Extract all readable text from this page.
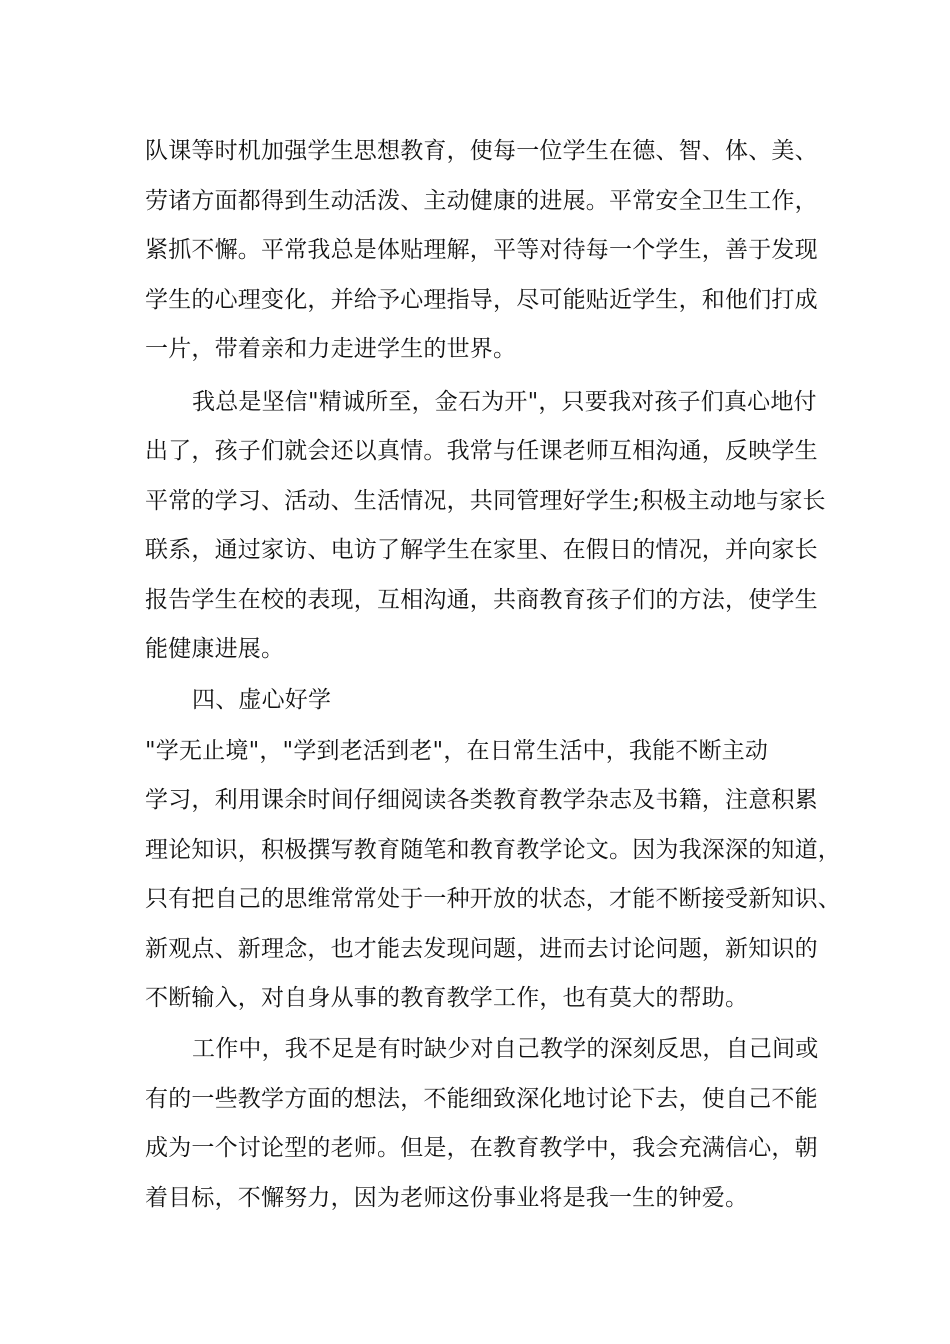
队课等时机加强学生思想教育，使每一位学生在德、智、体、美、
劳诸方面都得到生动活泼、主动健康的进展。平常安全卫生工作，
紧抓不懈。平常我总是体贴理解，平等对待每一个学生，善于发现
学生的心理变化，并给予心理指导，尽可能贴近学生，和他们打成
一片，带着亲和力走进学生的世界。
我总是坚信"精诚所至，金石为开"，只要我对孩子们真心地付
出了，孩子们就会还以真情。我常与任课老师互相沟通，反映学生
平常的学习、活动、生活情况，共同管理好学生;积极主动地与家长
联系，通过家访、电访了解学生在家里、在假日的情况，并向家长
报告学生在校的表现，互相沟通，共商教育孩子们的方法，使学生
能健康进展。
四、虚心好学
"学无止境"，"学到老活到老"，在日常生活中，我能不断主动
学习，利用课余时间仔细阅读各类教育教学杂志及书籍，注意积累
理论知识，积极撰写教育随笔和教育教学论文。因为我深深的知道，
只有把自己的思维常常处于一种开放的状态，才能不断接受新知识、
新观点、新理念，也才能去发现问题，进而去讨论问题，新知识的
不断输入，对自身从事的教育教学工作，也有莫大的帮助。
工作中，我不足是有时缺少对自己教学的深刻反思，自己间或
有的一些教学方面的想法，不能细致深化地讨论下去，使自己不能
成为一个讨论型的老师。但是，在教育教学中，我会充满信心，朝
着目标，不懈努力，因为老师这份事业将是我一生的钟爱。
